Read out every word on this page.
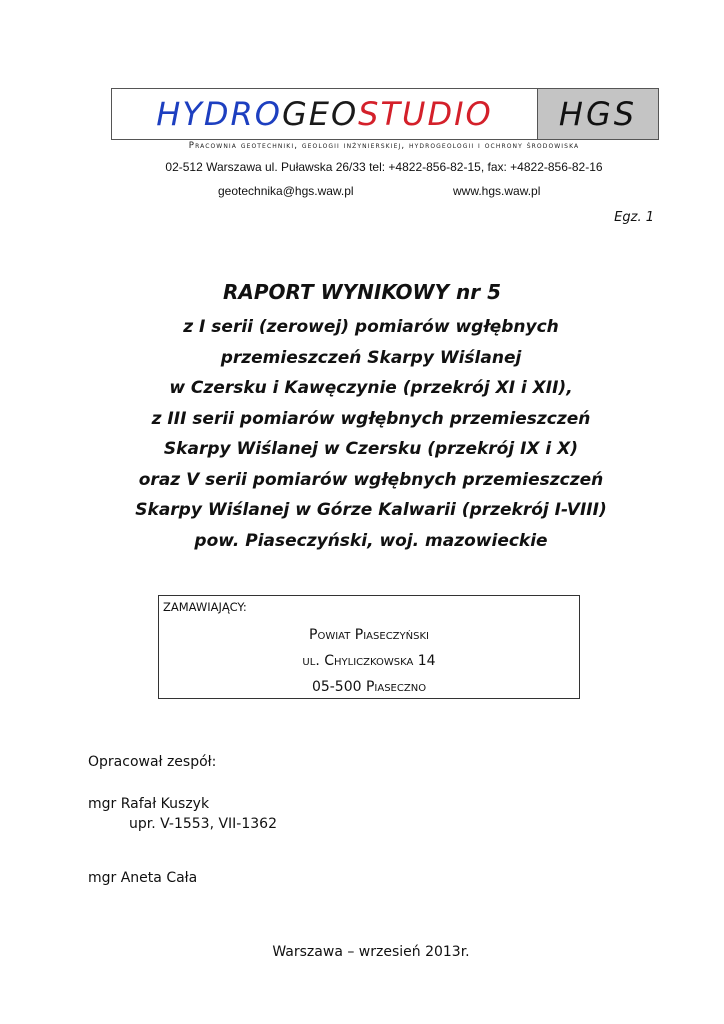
HYDROGEOSTUDIO HGS
Pracownia geotechniki, geologii inżynierskiej, hydrogeologii i ochrony środowiska
02-512 Warszawa ul. Puławska 26/33 tel: +4822-856-82-15, fax: +4822-856-82-16
geotechnika@hgs.waw.pl	www.hgs.waw.pl
Egz. 1
RAPORT WYNIKOWY nr 5
z I serii (zerowej) pomiarów wgłębnych
przemieszczeń Skarpy Wiślanej
w Czersku i Kawęczynie (przekrój XI i XII),
z III serii pomiarów wgłębnych przemieszczeń
Skarpy Wiślanej w Czersku (przekrój IX i X)
oraz V serii pomiarów wgłębnych przemieszczeń
Skarpy Wiślanej w Górze Kalwarii (przekrój I-VIII)
pow. Piaseczyński, woj. mazowieckie
ZAMAWIAJĄCY:
Powiat Piaseczyński
ul. Chyliczkowska 14
05-500 Piaseczno
Opracował zespół:
mgr Rafał Kuszyk
upr. V-1553, VII-1362
mgr Aneta Cała
Warszawa – wrzesień 2013r.
